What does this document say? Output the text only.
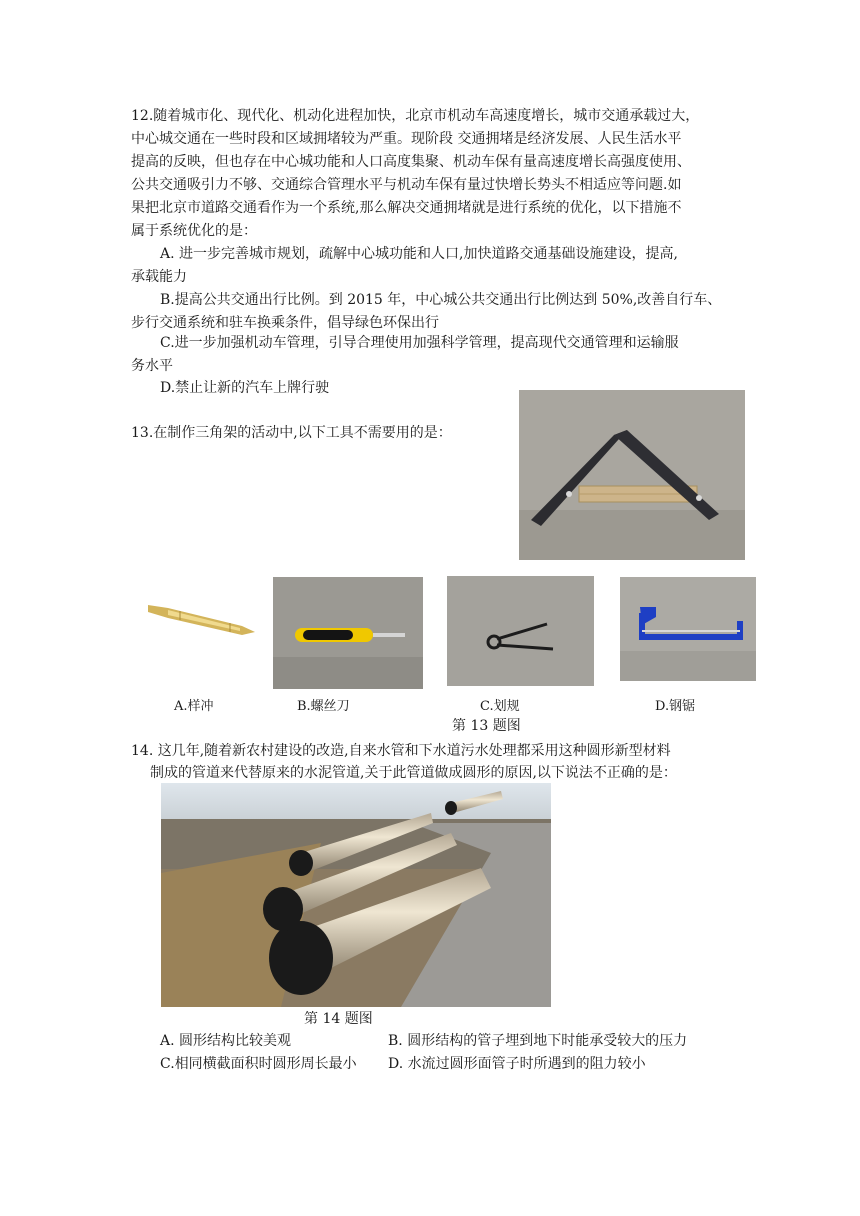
12.随着城市化、现代化、机动化进程加快，北京市机动车高速度增长，城市交通承载过大，
中心城交通在一些时段和区域拥堵较为严重。现阶段 交通拥堵是经济发展、人民生活水平
提高的反映，但也存在中心城功能和人口高度集聚、机动车保有量高速度增长高强度使用、
公共交通吸引力不够、交通综合管理水平与机动车保有量过快增长势头不相适应等问题.如
果把北京市道路交通看作为一个系统,那么解决交通拥堵就是进行系统的优化，以下措施不
属于系统优化的是：
A. 进一步完善城市规划，疏解中心城功能和人口,加快道路交通基础设施建设，提高,
承载能力
B.提高公共交通出行比例。到 2015 年，中心城公共交通出行比例达到 50%,改善自行车、
步行交通系统和驻车换乘条件，倡导绿色环保出行
C.进一步加强机动车管理，引导合理使用加强科学管理，提高现代交通管理和运输服
务水平
D.禁止让新的汽车上牌行驶
13.在制作三角架的活动中,以下工具不需要用的是：
A.样冲	B.螺丝刀	C.划规	D.钢锯
第 13 题图
14. 这几年,随着新农村建设的改造,自来水管和下水道污水处理都采用这种圆形新型材料
制成的管道来代替原来的水泥管道,关于此管道做成圆形的原因,以下说法不正确的是：
第 14 题图
A. 圆形结构比较美观	B. 圆形结构的管子埋到地下时能承受较大的压力
C.相同横截面积时圆形周长最小 D. 水流过圆形面管子时所遇到的阻力较小
